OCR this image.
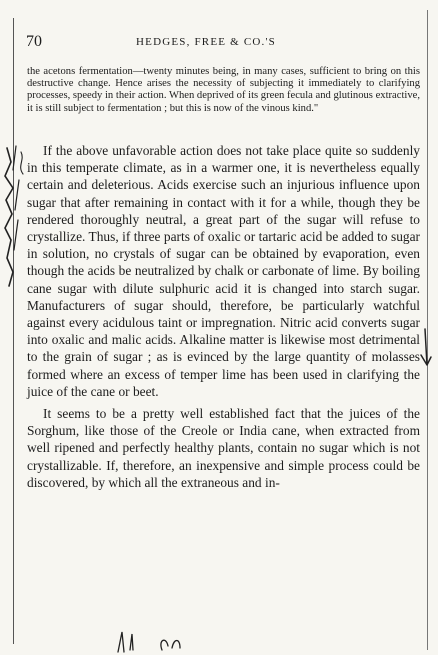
70	HEDGES, FREE & CO.'S
the acetons fermentation—twenty minutes being, in many cases, sufficient to bring on this destructive change. Hence arises the necessity of subjecting it immediately to clarifying processes, speedy in their action. When deprived of its green fecula and glutinous extractive, it is still subject to fermentation ; but this is now of the vinous kind."

If the above unfavorable action does not take place quite so suddenly in this temperate climate, as in a warmer one, it is nevertheless equally certain and deleterious. Acids exercise such an injurious influence upon sugar that after remaining in contact with it for a while, though they be rendered thoroughly neutral, a great part of the sugar will refuse to crystallize. Thus, if three parts of oxalic or tartaric acid be added to sugar in solution, no crystals of sugar can be obtained by evaporation, even though the acids be neutralized by chalk or carbonate of lime. By boiling cane sugar with dilute sulphuric acid it is changed into starch sugar. Manufacturers of sugar should, therefore, be particularly watchful against every acidulous taint or impregnation. Nitric acid converts sugar into oxalic and malic acids. Alkaline matter is likewise most detrimental to the grain of sugar ; as is evinced by the large quantity of molasses formed where an excess of temper lime has been used in clarifying the juice of the cane or beet.

It seems to be a pretty well established fact that the juices of the Sorghum, like those of the Creole or India cane, when extracted from well ripened and perfectly healthy plants, contain no sugar which is not crystallizable. If, therefore, an inexpensive and simple process could be discovered, by which all the extraneous and in-
